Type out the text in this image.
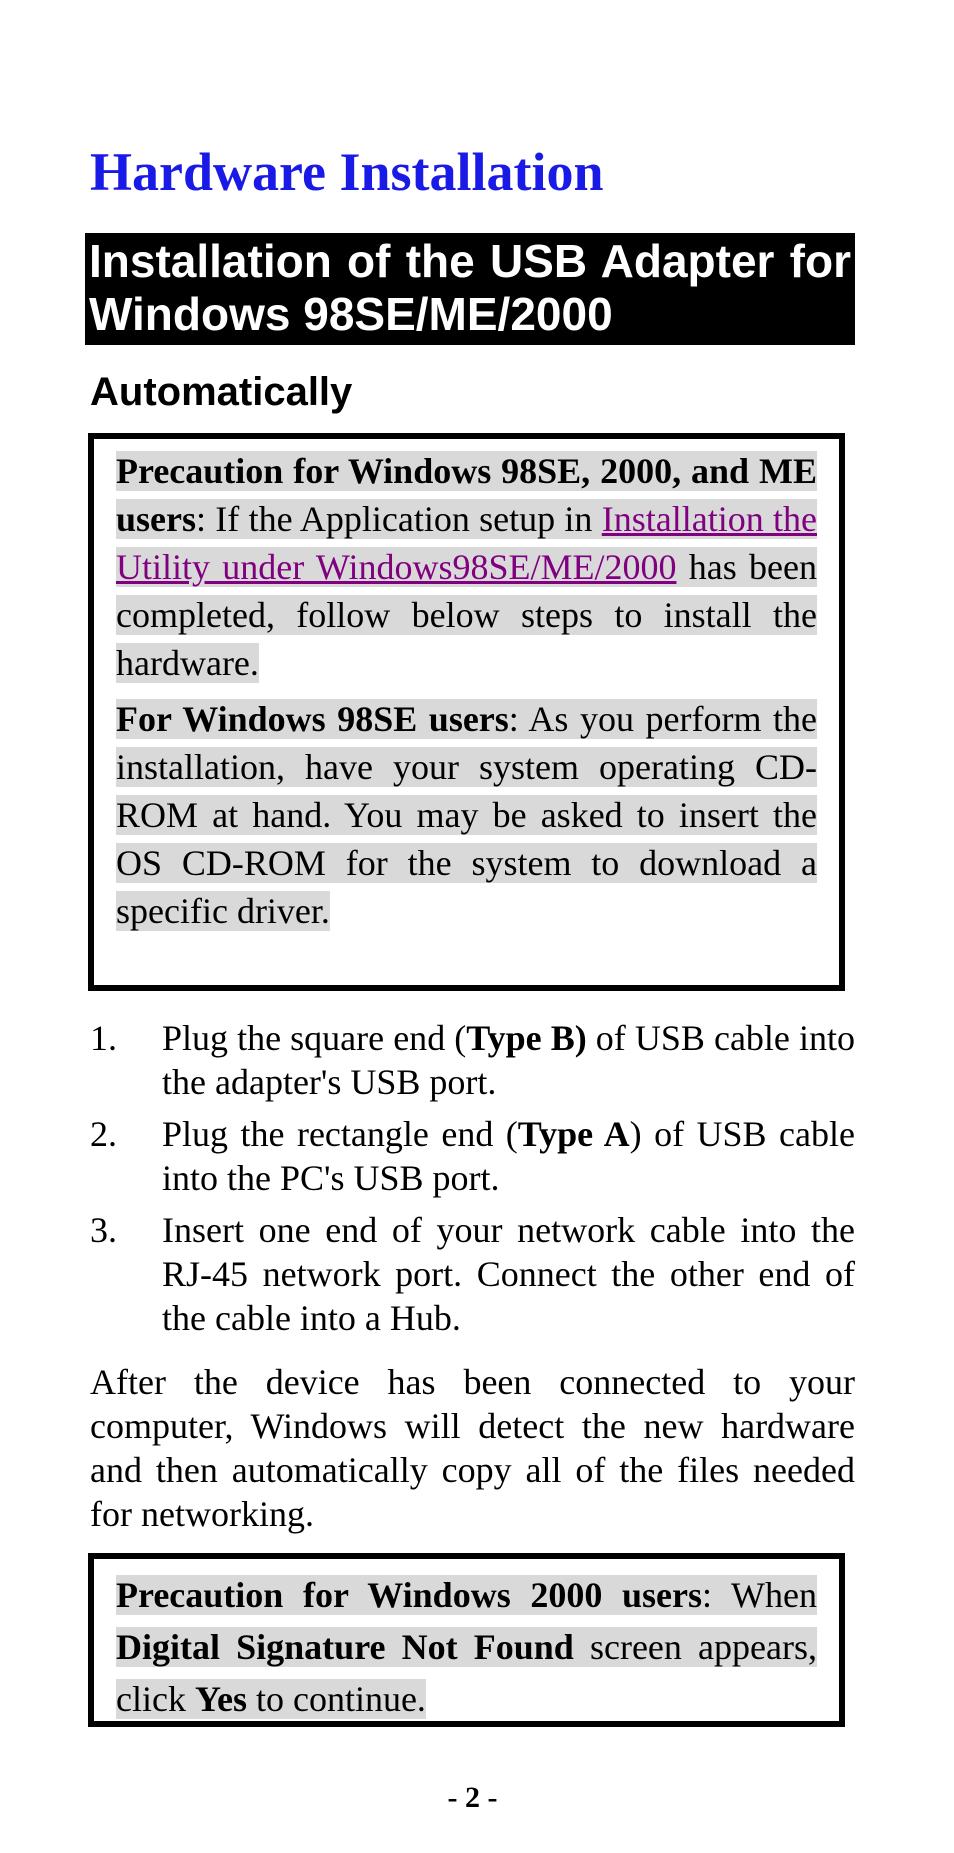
Hardware Installation
Installation of the USB Adapter for Windows 98SE/ME/2000
Automatically

Precaution for Windows 98SE, 2000, and ME users: If the Application setup in Installation the Utility under Windows98SE/ME/2000 has been completed, follow below steps to install the hardware.

For Windows 98SE users: As you perform the installation, have your system operating CD-ROM at hand. You may be asked to insert the OS CD-ROM for the system to download a specific driver.

1. Plug the square end (Type B) of USB cable into the adapter's USB port.
2. Plug the rectangle end (Type A) of USB cable into the PC's USB port.
3. Insert one end of your network cable into the RJ-45 network port. Connect the other end of the cable into a Hub.

After the device has been connected to your computer, Windows will detect the new hardware and then automatically copy all of the files needed for networking.

Precaution for Windows 2000 users: When Digital Signature Not Found screen appears, click Yes to continue.

- 2 -
